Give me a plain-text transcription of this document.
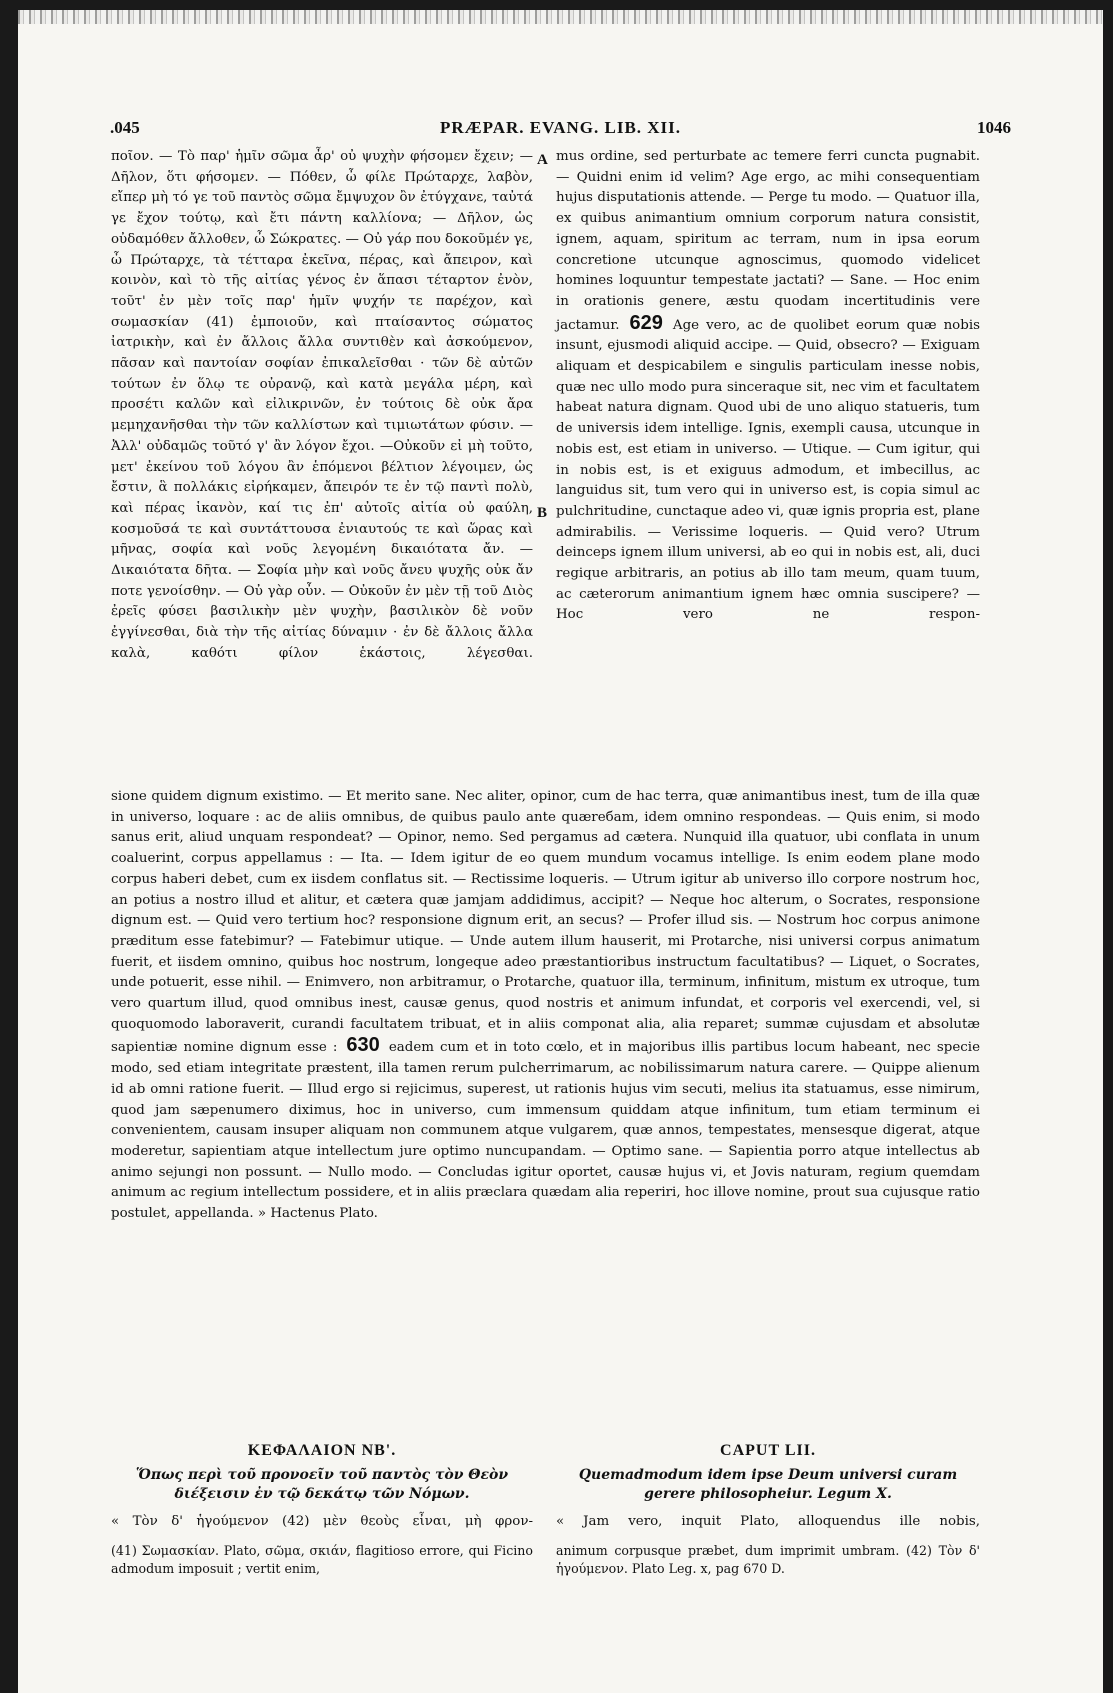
.045	PRÆPAR. EVANG. LIB. XII.	1046
A
B

ποῖον. — Τὸ παρ' ἡμῖν σῶμα ἆρ' οὐ ψυχὴν φήσομεν ἔχειν; — Δῆλον, ὅτι φήσομεν. — Πόθεν, ὦ φίλε Πρώταρχε, λαβὸν, εἴπερ μὴ τό γε τοῦ παντὸς σῶμα ἔμψυχον ὂν ἐτύγχανε, ταὐτά γε ἔχον τούτῳ, καὶ ἔτι πάντη καλλίονα; — Δῆλον, ὡς οὐδαμόθεν ἄλλοθεν, ὦ Σώκρατες. — Οὐ γάρ που δοκοῦμέν γε, ὦ Πρώταρχε, τὰ τέτταρα ἐκεῖνα, πέρας, καὶ ἄπειρον, καὶ κοινὸν, καὶ τὸ τῆς αἰτίας γένος ἐν ἅπασι τέταρτον ἐνὸν, τοῦτ' ἐν μὲν τοῖς παρ' ἡμῖν ψυχήν τε παρέχον, καὶ σωμασκίαν (41) ἐμποιοῦν, καὶ πταίσαντος σώματος ἰατρικὴν, καὶ ἐν ἄλλοις ἄλλα συντιθὲν καὶ ἀσκούμενον, πᾶσαν καὶ παντοίαν σοφίαν ἐπικαλεῖσθαι · τῶν δὲ αὐτῶν τούτων ἐν ὅλῳ τε οὐρανῷ, καὶ κατὰ μεγάλα μέρη, καὶ προσέτι καλῶν καὶ εἰλικρινῶν, ἐν τούτοις δὲ οὐκ ἄρα μεμηχανῆσθαι τὴν τῶν καλλίστων καὶ τιμιωτάτων φύσιν. — Ἀλλ' οὐδαμῶς τοῦτό γ' ἂν λόγον ἔχοι. —Οὐκοῦν εἰ μὴ τοῦτο, μετ' ἐκείνου τοῦ λόγου ἂν ἑπόμενοι βέλτιον λέγοιμεν, ὡς ἔστιν, ἃ πολλάκις εἰρήκαμεν, ἄπειρόν τε ἐν τῷ παντὶ πολὺ, καὶ πέρας ἱκανὸν, καί τις ἐπ' αὐτοῖς αἰτία οὐ φαύλη, κοσμοῦσά τε καὶ συντάττουσα ἐνιαυτούς τε καὶ ὥρας καὶ μῆνας, σοφία καὶ νοῦς λεγομένη δικαιότατα ἄν. — Δικαιότατα δῆτα. — Σοφία μὴν καὶ νοῦς ἄνευ ψυχῆς οὐκ ἄν ποτε γενοίσθην. — Οὐ γὰρ οὖν. — Οὐκοῦν ἐν μὲν τῇ τοῦ Διὸς ἐρεῖς φύσει βασιλικὴν μὲν ψυχὴν, βασιλικὸν δὲ νοῦν ἐγγίνεσθαι, διὰ τὴν τῆς αἰτίας δύναμιν · ἐν δὲ ἄλλοις ἄλλα καλὰ, καθότι φίλον ἑκάστοις, λέγεσθαι.

mus ordine, sed perturbate ac temere ferri cuncta pugnabit. — Quidni enim id velim? Age ergo, ac mihi consequentiam hujus disputationis attende. — Perge tu modo. — Quatuor illa, ex quibus animantium omnium corporum natura consistit, ignem, aquam, spiritum ac terram, num in ipsa eorum concretione utcunque agnoscimus, quomodo videlicet homines loquuntur tempestate jactati? — Sane. — Hoc enim in orationis genere, æstu quodam incertitudinis vere jactamur. 629 Age vero, ac de quolibet eorum quæ nobis insunt, ejusmodi aliquid accipe. — Quid, obsecro? — Exiguam aliquam et despicabilem e singulis particulam inesse nobis, quæ nec ullo modo pura sinceraque sit, nec vim et facultatem habeat natura dignam. Quod ubi de uno aliquo statueris, tum de universis idem intellige. Ignis, exempli causa, utcunque in nobis est, est etiam in universo. — Utique. — Cum igitur, qui in nobis est, is et exiguus admodum, et imbecillus, ac languidus sit, tum vero qui in universo est, is copia simul ac pulchritudine, cunctaque adeo vi, quæ ignis propria est, plane admirabilis. — Verissime loqueris. — Quid vero? Utrum deinceps ignem illum universi, ab eo qui in nobis est, ali, duci regique arbitraris, an potius ab illo tam meum, quam tuum, ac cæterorum animantium ignem hæc omnia suscipere? — Hoc vero ne respon-

sione quidem dignum existimo. — Et merito sane. Nec aliter, opinor, cum de hac terra, quæ animantibus inest, tum de illa quæ in universo, loquare : ac de aliis omnibus, de quibus paulo ante quæreбam, idem omnino respondeas. — Quis enim, si modo sanus erit, aliud unquam respondeat? — Opinor, nemo. Sed pergamus ad cætera. Nunquid illa quatuor, ubi conflata in unum coaluerint, corpus appellamus : — Ita. — Idem igitur de eo quem mundum vocamus intellige. Is enim eodem plane modo corpus haberi debet, cum ex iisdem conflatus sit. — Rectissime loqueris. — Utrum igitur ab universo illo corpore nostrum hoc, an potius a nostro illud et alitur, et cætera quæ jamjam addidimus, accipit? — Neque hoc alterum, o Socrates, responsione dignum est. — Quid vero tertium hoc? responsione dignum erit, an secus? — Profer illud sis. — Nostrum hoc corpus animone præditum esse fatebimur? — Fatebimur utique. — Unde autem illum hauserit, mi Protarche, nisi universi corpus animatum fuerit, et iisdem omnino, quibus hoc nostrum, longeque adeo præstantioribus instructum facultatibus? — Liquet, o Socrates, unde potuerit, esse nihil. — Enimvero, non arbitramur, o Protarche, quatuor illa, terminum, infinitum, mistum ex utroque, tum vero quartum illud, quod omnibus inest, causæ genus, quod nostris et animum infundat, et corporis vel exercendi, vel, si quoquomodo laboraverit, curandi facultatem tribuat, et in aliis componat alia, alia reparet; summæ cujusdam et absolutæ sapientiæ nomine dignum esse : 630 eadem cum et in toto cœlo, et in majoribus illis partibus locum habeant, nec specie modo, sed etiam integritate præstent, illa tamen rerum pulcherrimarum, ac nobilissimarum natura carere. — Quippe alienum id ab omni ratione fuerit. — Illud ergo si rejicimus, superest, ut rationis hujus vim secuti, melius ita statuamus, esse nimirum, quod jam sæpenumero diximus, hoc in universo, cum immensum quiddam atque infinitum, tum etiam terminum ei convenientem, causam insuper aliquam non communem atque vulgarem, quæ annos, tempestates, mensesque digerat, atque moderetur, sapientiam atque intellectum jure optimo nuncupandam. — Optimo sane. — Sapientia porro atque intellectus ab animo sejungi non possunt. — Nullo modo. — Concludas igitur oportet, causæ hujus vi, et Jovis naturam, regium quemdam animum ac regium intellectum possidere, et in aliis præclara quædam alia reperiri, hoc illove nomine, prout sua cujusque ratio postulet, appellanda. » Hactenus Plato.

ΚΕΦΑΛΑΙΟΝ ΝΒ'.	CAPUT LII.
Ὅπως περὶ τοῦ προνοεῖν τοῦ παντὸς τὸν Θεὸν διέξεισιν ἐν τῷ δεκάτῳ τῶν Νόμων.
Quemadmodum idem ipse Deum universi curam gerere philosopheiur. Legum X.
« Τὸν δ' ἡγούμενον (42) μὲν θεοὺς εἶναι, μὴ φρον- « Jam vero, inquit Plato, alloquendus ille nobis,
(41) Σωμασκίαν. Plato, σῶμα, σκιάν, flagitioso errore, qui Ficino admodum imposuit ; vertit enim,
animum corpusque præbet, dum imprimit umbram. (42) Τὸν δ' ἡγούμενον. Plato Leg. x, pag 670 D.
